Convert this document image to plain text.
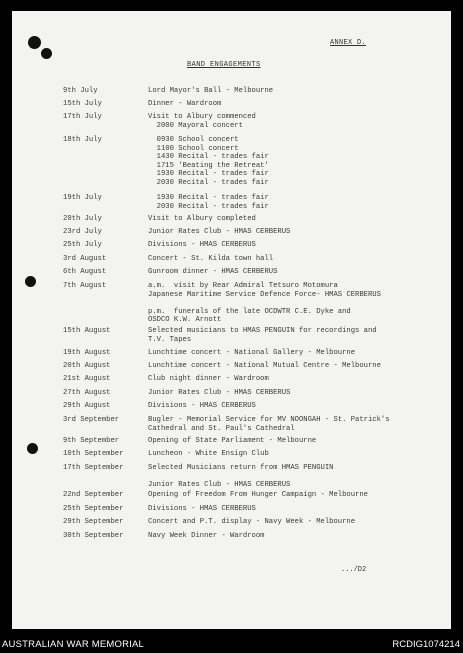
ANNEX D.
BAND ENGAGEMENTS
9th July	Lord Mayor's Ball - Melbourne
15th July	Dinner - Wardroom
17th July	Visit to Albury commenced
2000 Mayoral concert
18th July	0930 School concert
1100 School concert
1430 Recital - trades fair
1715 'Beating the Retreat'
1930 Recital - trades fair
2030 Recital - trades fair
19th July	1930 Recital - trades fair
2030 Recital - trades fair
20th July	Visit to Albury completed
23rd July	Junior Rates Club - HMAS CERBERUS
25th July	Divisions - HMAS CERBERUS
3rd August	Concert - St. Kilda town hall
6th August	Gunroom dinner - HMAS CERBERUS
7th August	a.m.  visit by Rear Admiral Tetsuro Motomura
Japanese Maritime Service Defence Force- HMAS CERBERUS
p.m.  funerals of the late OCDWTR C.E. Dyke and
OSDCO K.W. Arnott
15th August	Selected musicians to HMAS PENGUIN for recordings and
T.V. Tapes
19th August	Lunchtime concert - National Gallery - Melbourne
20th August	Lunchtime concert - National Mutual Centre - Melbourne
21st August	Club night dinner - Wardroom
27th August	Junior Rates Club - HMAS CERBERUS
29th August	Divisions - HMAS CERBERUS
3rd September	Bugler - Memorial Service for MV NOONGAH - St. Patrick's
Cathedral and St. Paul's Cathedral
9th September	Opening of State Parliament - Melbourne
10th September	Luncheon - White Ensign Club
17th September	Selected Musicians return from HMAS PENGUIN
Junior Rates Club - HMAS CERBERUS
22nd September	Opening of Freedom From Hunger Campaign - Melbourne
25th September	Divisions - HMAS CERBERUS
29th September	Concert and P.T. display - Navy Week - Melbourne
30th September	Navy Week Dinner - Wardroom
.../D2
AUSTRALIAN WAR MEMORIAL	RCDIG1074214
